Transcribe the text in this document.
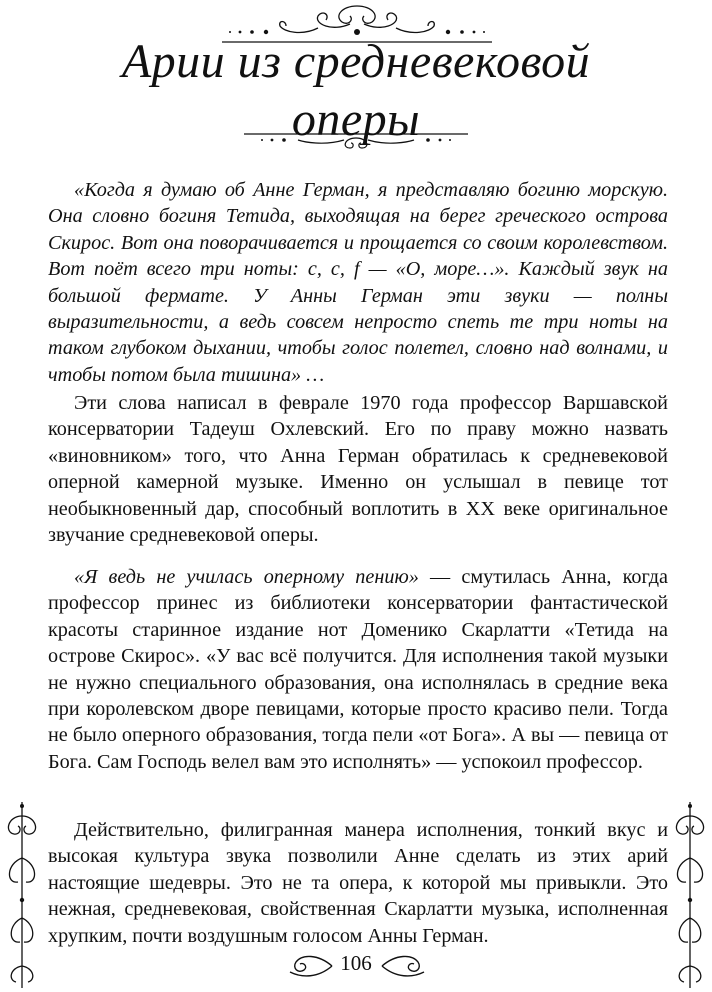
Арии из средневековой
оперы

«Когда я думаю об Анне Герман, я представляю богиню морскую. Она словно богиня Тетида, выходящая на берег греческого острова Скирос. Вот она поворачивается и прощается со своим королевством. Вот поёт всего три ноты: с, с, f — «О, море…». Каждый звук на большой фермате. У Анны Герман эти звуки — полны выразительности, а ведь совсем непросто спеть те три ноты на таком глубоком дыхании, чтобы голос полетел, словно над волнами, и чтобы потом была тишина» …

Эти слова написал в феврале 1970 года профессор Варшавской консерватории Тадеуш Охлевский. Его по праву можно назвать «виновником» того, что Анна Герман обратилась к средневековой оперной камерной музыке. Именно он услышал в певице тот необыкновенный дар, способный воплотить в XX веке оригинальное звучание средневековой оперы.

«Я ведь не училась оперному пению» — смутилась Анна, когда профессор принес из библиотеки консерватории фантастической красоты старинное издание нот Доменико Скарлатти «Тетида на острове Скирос». «У вас всё получится. Для исполнения такой музыки не нужно специального образования, она исполнялась в средние века при королевском дворе певицами, которые просто красиво пели. Тогда не было оперного образования, тогда пели «от Бога». А вы — певица от Бога. Сам Господь велел вам это исполнять» — успокоил профессор.

Действительно, филигранная манера исполнения, тонкий вкус и высокая культура звука позволили Анне сделать из этих арий настоящие шедевры. Это не та опера, к которой мы привыкли. Это нежная, средневековая, свойственная Скарлатти музыка, исполненная хрупким, почти воздушным голосом Анны Герман.

106
